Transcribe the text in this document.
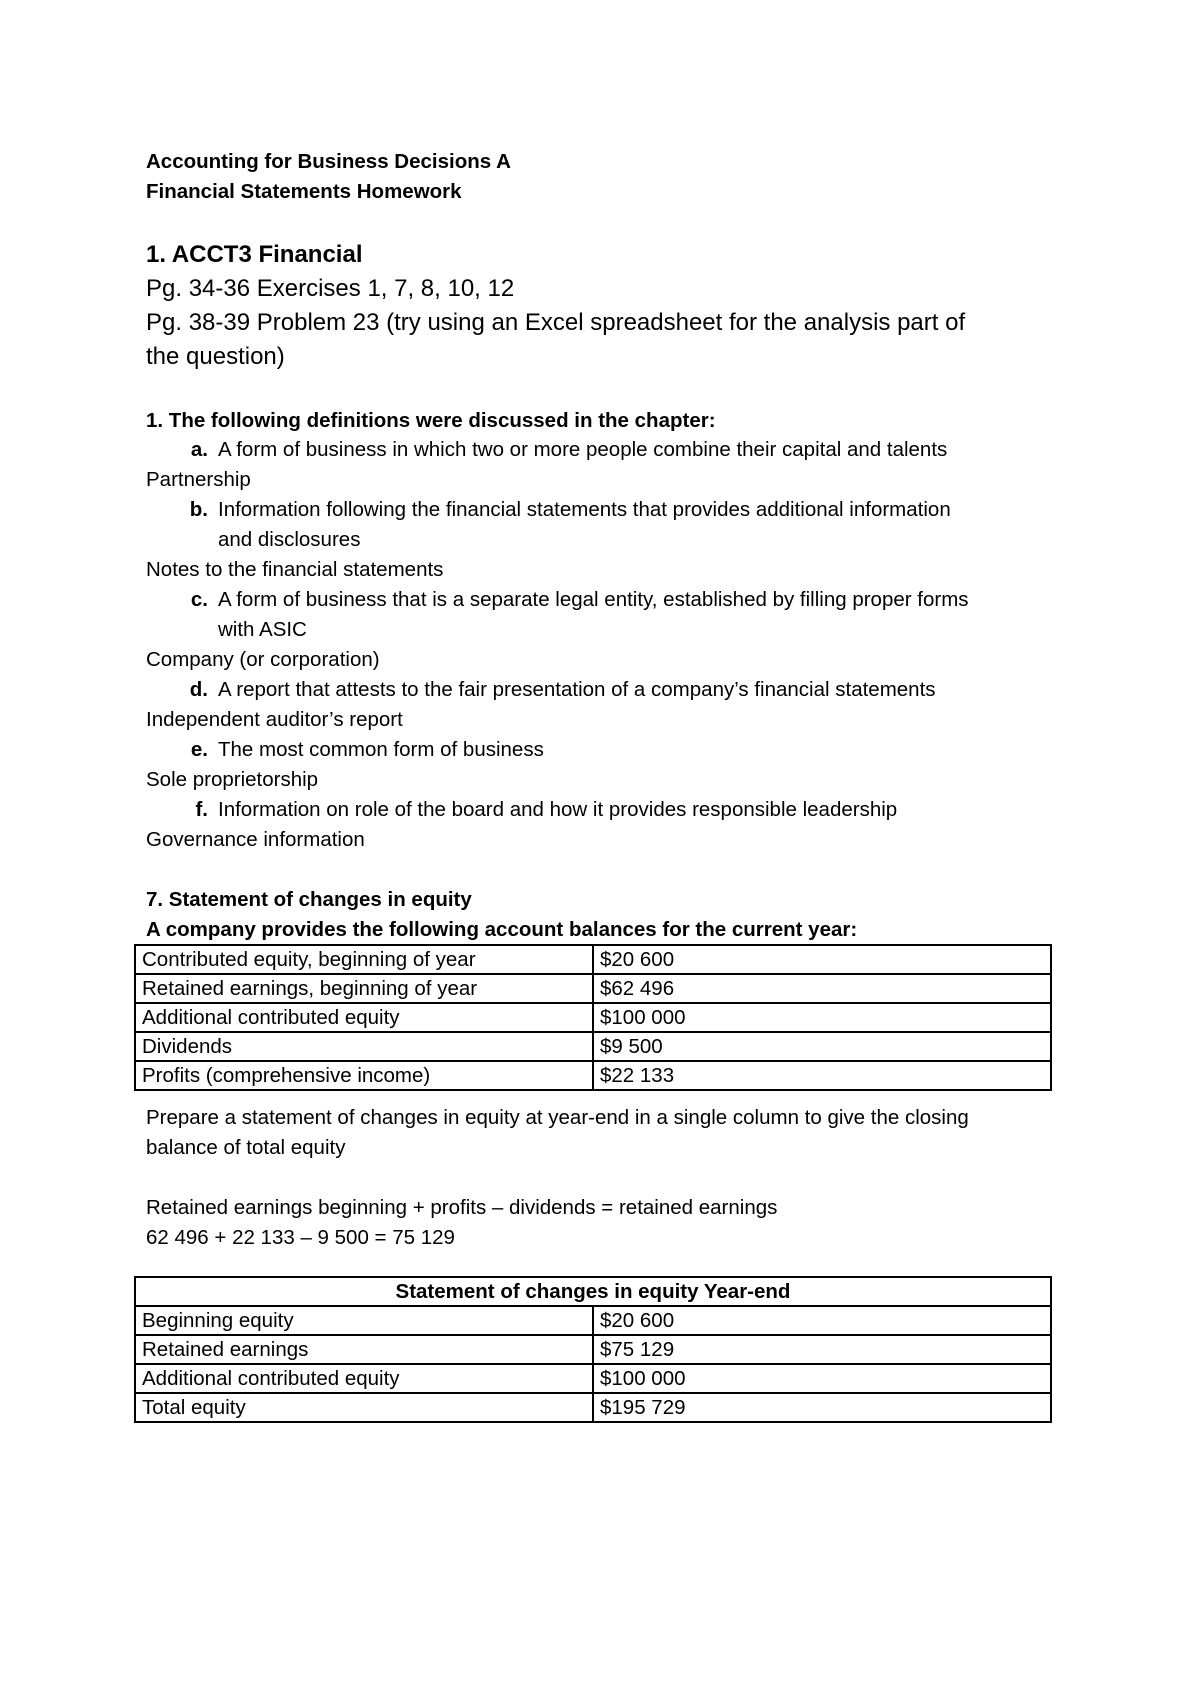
Accounting for Business Decisions A
Financial Statements Homework
1. ACCT3 Financial
Pg. 34-36 Exercises 1, 7, 8, 10, 12
Pg. 38-39 Problem 23 (try using an Excel spreadsheet for the analysis part of
the question)
1. The following definitions were discussed in the chapter:
a. A form of business in which two or more people combine their capital and talents
Partnership
b. Information following the financial statements that provides additional information
and disclosures
Notes to the financial statements
c. A form of business that is a separate legal entity, established by filling proper forms
with ASIC
Company (or corporation)
d. A report that attests to the fair presentation of a company’s financial statements
Independent auditor’s report
e. The most common form of business
Sole proprietorship
f. Information on role of the board and how it provides responsible leadership
Governance information
7. Statement of changes in equity
A company provides the following account balances for the current year:
Contributed equity, beginning of year	$20 600
Retained earnings, beginning of year	$62 496
Additional contributed equity	$100 000
Dividends	$9 500
Profits (comprehensive income)	$22 133
Prepare a statement of changes in equity at year-end in a single column to give the closing
balance of total equity
Retained earnings beginning + profits – dividends = retained earnings
62 496 + 22 133 – 9 500 = 75 129
Statement of changes in equity Year-end	
Beginning equity	$20 600
Retained earnings	$75 129
Additional contributed equity	$100 000
Total equity	$195 729
